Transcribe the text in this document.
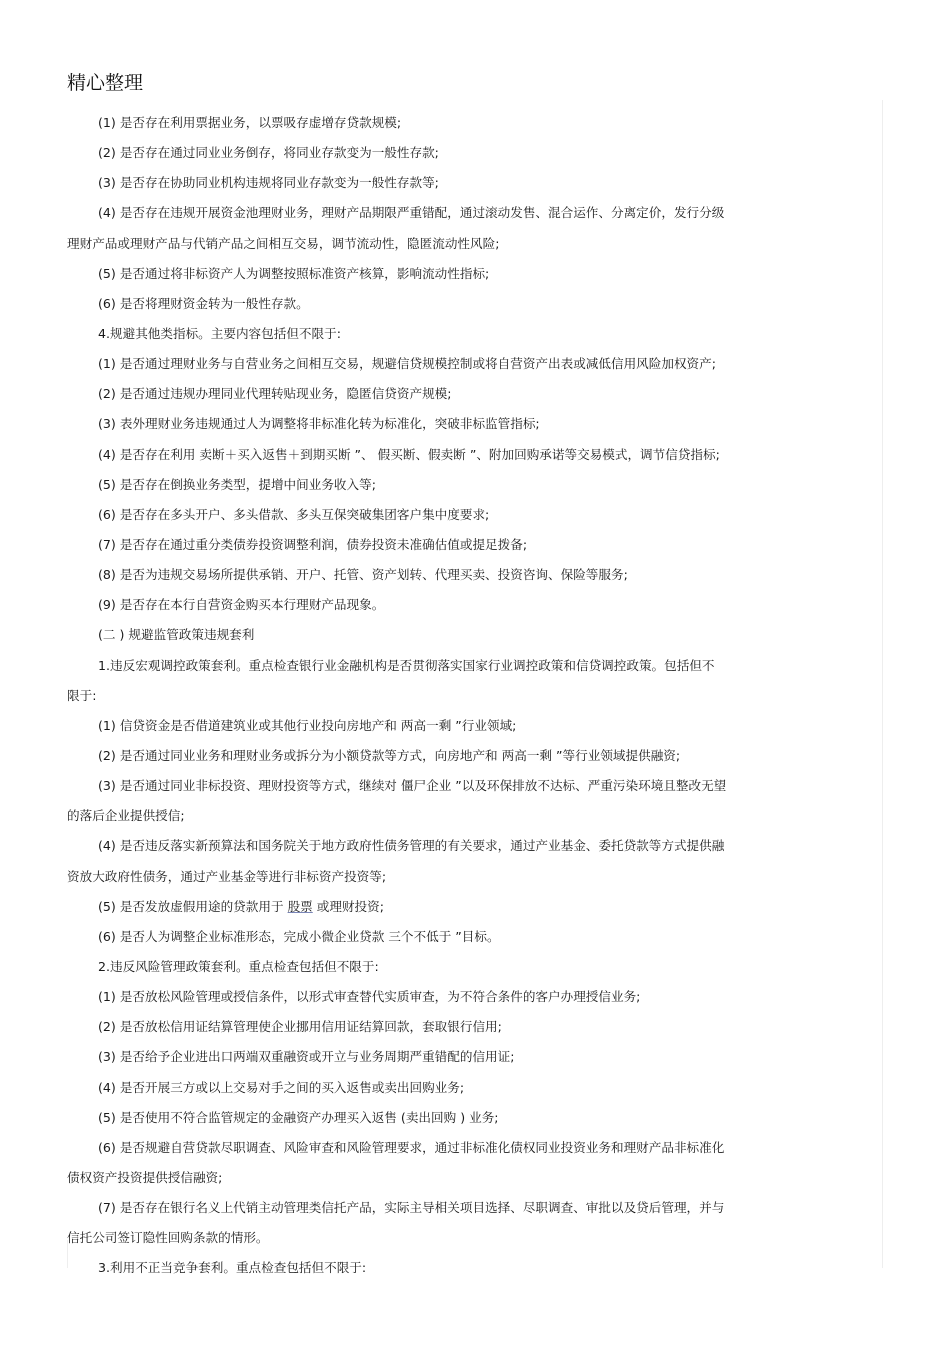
精心整理
(1) 是否存在利用票据业务，以票吸存虚增存贷款规模;
(2) 是否存在通过同业业务倒存，将同业存款变为一般性存款;
(3) 是否存在协助同业机构违规将同业存款变为一般性存款等;
(4) 是否存在违规开展资金池理财业务，理财产品期限严重错配，通过滚动发售、混合运作、分离定价，发行分级
理财产品或理财产品与代销产品之间相互交易，调节流动性，隐匿流动性风险;
(5) 是否通过将非标资产人为调整按照标准资产核算，影响流动性指标;
(6) 是否将理财资金转为一般性存款。
4.规避其他类指标。主要内容包括但不限于:
(1) 是否通过理财业务与自营业务之间相互交易，规避信贷规模控制或将自营资产出表或减低信用风险加权资产;
(2) 是否通过违规办理同业代理转贴现业务，隐匿信贷资产规模;
(3) 表外理财业务违规通过人为调整将非标准化转为标准化，突破非标监管指标;
(4) 是否存在利用 卖断＋买入返售＋到期买断 ”、 假买断、假卖断 ”、附加回购承诺等交易模式，调节信贷指标;
(5) 是否存在倒换业务类型，提增中间业务收入等;
(6) 是否存在多头开户、多头借款、多头互保突破集团客户集中度要求;
(7) 是否存在通过重分类债券投资调整利润，债券投资未准确估值或提足拨备;
(8) 是否为违规交易场所提供承销、开户、托管、资产划转、代理买卖、投资咨询、保险等服务;
(9) 是否存在本行自营资金购买本行理财产品现象。
(二 ) 规避监管政策违规套利
1.违反宏观调控政策套利。重点检查银行业金融机构是否贯彻落实国家行业调控政策和信贷调控政策。包括但不
限于:
(1) 信贷资金是否借道建筑业或其他行业投向房地产和 两高一剩 ”行业领域;
(2) 是否通过同业业务和理财业务或拆分为小额贷款等方式，向房地产和 两高一剩 ”等行业领域提供融资;
(3) 是否通过同业非标投资、理财投资等方式，继续对 僵尸企业 ”以及环保排放不达标、严重污染环境且整改无望
的落后企业提供授信;
(4) 是否违反落实新预算法和国务院关于地方政府性债务管理的有关要求，通过产业基金、委托贷款等方式提供融
资放大政府性债务，通过产业基金等进行非标资产投资等;
(5) 是否发放虚假用途的贷款用于 股票 或理财投资;
(6) 是否人为调整企业标准形态，完成小微企业贷款 三个不低于 ”目标。
2.违反风险管理政策套利。重点检查包括但不限于:
(1) 是否放松风险管理或授信条件，以形式审查替代实质审查，为不符合条件的客户办理授信业务;
(2) 是否放松信用证结算管理使企业挪用信用证结算回款，套取银行信用;
(3) 是否给予企业进出口两端双重融资或开立与业务周期严重错配的信用证;
(4) 是否开展三方或以上交易对手之间的买入返售或卖出回购业务;
(5) 是否使用不符合监管规定的金融资产办理买入返售 (卖出回购 ) 业务;
(6) 是否规避自营贷款尽职调查、风险审查和风险管理要求，通过非标准化债权同业投资业务和理财产品非标准化
债权资产投资提供授信融资;
(7) 是否存在银行名义上代销主动管理类信托产品，实际主导相关项目选择、尽职调查、审批以及贷后管理，并与
信托公司签订隐性回购条款的情形。
3.利用不正当竞争套利。重点检查包括但不限于:
